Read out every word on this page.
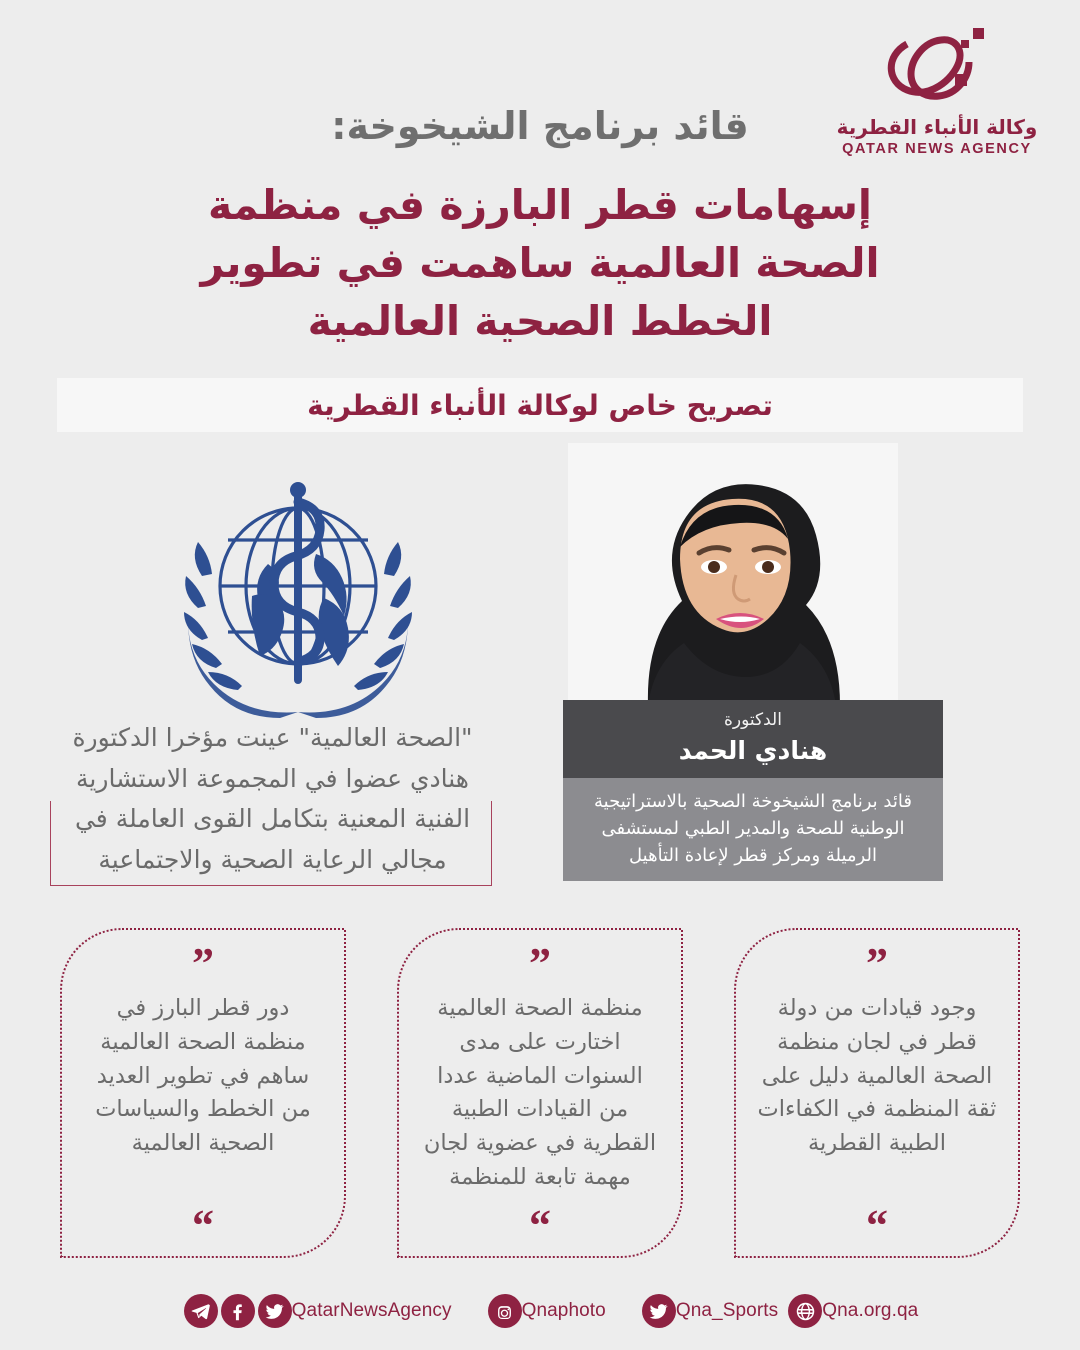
وكالة الأنباء القطرية
QATAR NEWS AGENCY
قائد برنامج الشيخوخة:
إسهامات قطر البارزة في منظمة الصحة العالمية ساهمت في تطوير الخطط الصحية العالمية
تصريح خاص لوكالة الأنباء القطرية
"الصحة العالمية" عينت مؤخرا الدكتورة هنادي عضوا في المجموعة الاستشارية الفنية المعنية بتكامل القوى العاملة في مجالي الرعاية الصحية والاجتماعية
الدكتورة
هنادي الحمد
قائد برنامج الشيخوخة الصحية بالاستراتيجية الوطنية للصحة والمدير الطبي لمستشفى الرميلة ومركز قطر لإعادة التأهيل
”
دور قطر البارز في منظمة الصحة العالمية ساهم في تطوير العديد من الخطط والسياسات الصحية العالمية
“
”
منظمة الصحة العالمية اختارت على مدى السنوات الماضية عددا من القيادات الطبية القطرية في عضوية لجان مهمة تابعة للمنظمة
“
”
وجود قيادات من دولة قطر في لجان منظمة الصحة العالمية دليل على ثقة المنظمة في الكفاءات الطبية القطرية
“
QatarNewsAgency	Qnaphoto	Qna_Sports Qna.org.qa
